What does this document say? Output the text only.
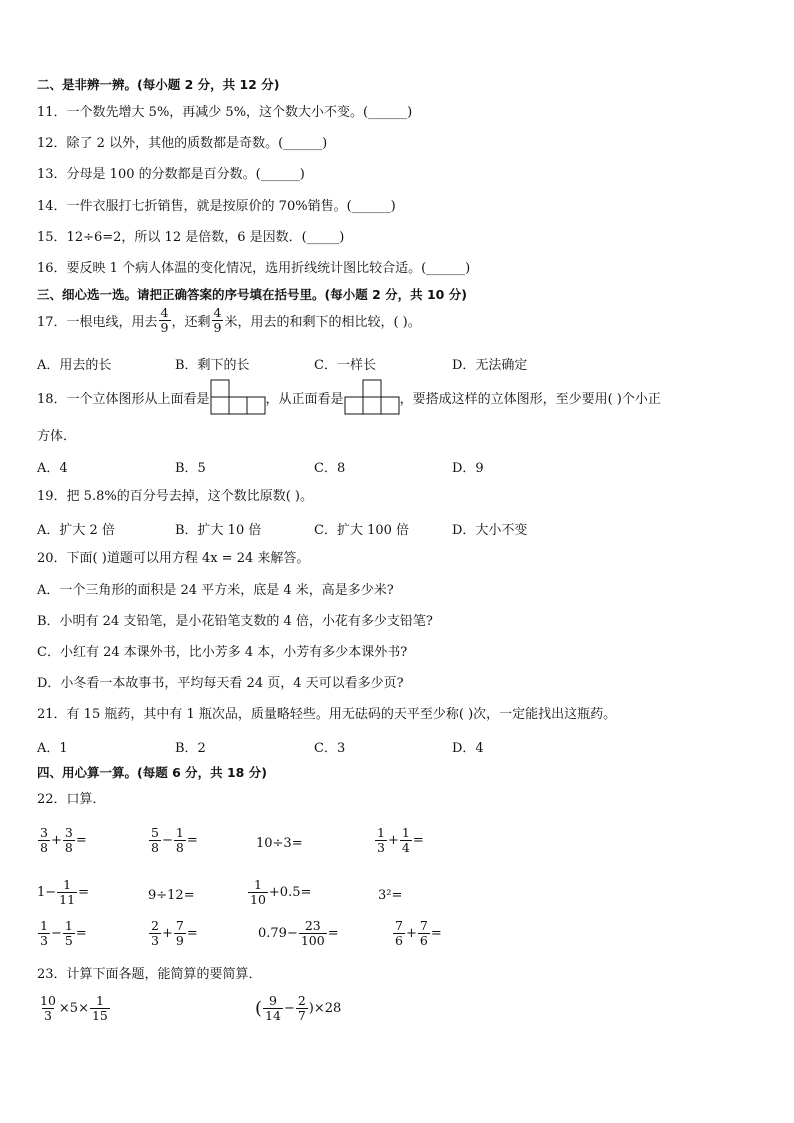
二、是非辨一辨。(每小题 2 分，共 12 分)
11．一个数先增大 5%，再减少 5%，这个数大小不变。(______)
12．除了 2 以外，其他的质数都是奇数。(______)
13．分母是 100 的分数都是百分数。(______)
14．一件衣服打七折销售，就是按原价的 70%销售。(______)
15．12÷6=2，所以 12 是倍数，6 是因数．(_____)
16．要反映 1 个病人体温的变化情况，选用折线统计图比较合适。(______)
三、细心选一选。请把正确答案的序号填在括号里。(每小题 2 分，共 10 分)
17．一根电线，用去 $\frac{4}{9}$ ，还剩 $\frac{4}{9}$ 米，用去的和剩下的相比较，( )。
A．用去的长	B．剩下的长	C．一样长	D．无法确定
18．一个立体图形从上面看是	，从正面看是	，要搭成这样的立体图形，至少要用( )个小正
方体．
A．4	B．5	C．8	D．9
19．把 5.8%的百分号去掉，这个数比原数( )。
A．扩大 2 倍	B．扩大 10 倍	C．扩大 100 倍	D．大小不变
20．下面( )道题可以用方程 4x = 24 来解答。
A．一个三角形的面积是 24 平方米，底是 4 米，高是多少米?
B．小明有 24 支铅笔，是小花铅笔支数的 4 倍，小花有多少支铅笔?
C．小红有 24 本课外书，比小芳多 4 本，小芳有多少本课外书?
D．小冬看一本故事书，平均每天看 24 页，4 天可以看多少页?
21．有 15 瓶药，其中有 1 瓶次品，质量略轻些。用无砝码的天平至少称( )次，一定能找出这瓶药。
A．1	B．2	C．3	D．4
四、用心算一算。(每题 6 分，共 18 分)
22．口算．
$\frac{3}{8} + \frac{3}{8}$ =	$\frac{5}{8} - \frac{1}{8}$ =	10÷3=	$\frac{1}{3} + \frac{1}{4}$ =
$1- \frac{1}{11}$ =	9÷12=	$\frac{1}{10} +0.5=$	3²=
$\frac{1}{3} - \frac{1}{5}$ =	$\frac{2}{3} + \frac{7}{9}$ =	$0.79- \frac{23}{100}$ =	$\frac{7}{6} + \frac{7}{6}$ =
23．计算下面各题，能简算的要简算．
$\frac{10}{3} \times 5\times \frac{1}{15}$	( $\frac{9}{14} - \frac{2}{7} )\times 28$
